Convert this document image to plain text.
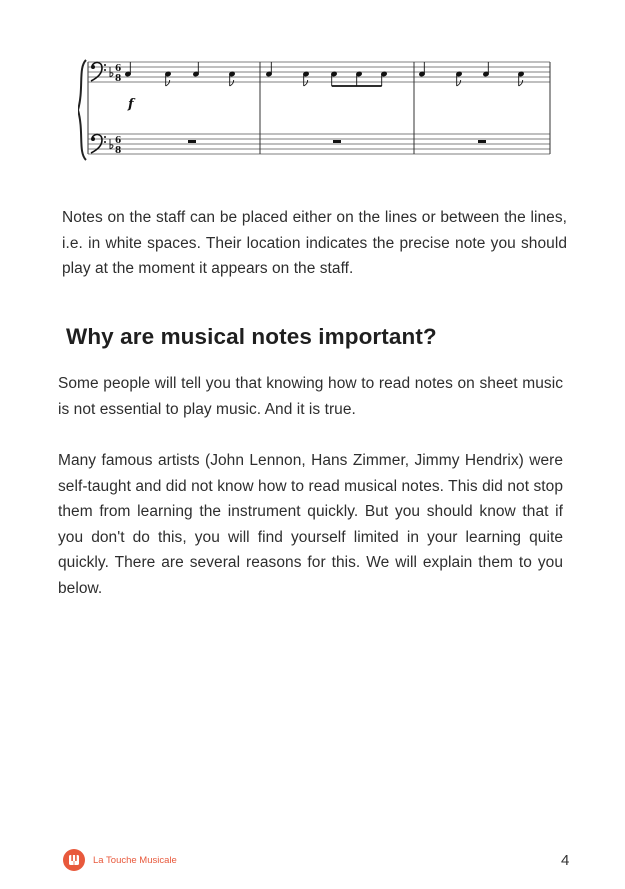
6
8
6
8
f

Notes on the staff can be placed either on the lines or between the lines, i.e. in white spaces. Their location indicates the precise note you should play at the moment it appears on the staff.

Why are musical notes important?

Some people will tell you that knowing how to read notes on sheet music is not essential to play music. And it is true.

Many famous artists (John Lennon, Hans Zimmer, Jimmy Hendrix) were self-taught and did not know how to read musical notes. This did not stop them from learning the instrument quickly. But you should know that if you don't do this, you will find yourself limited in your learning quite quickly. There are several reasons for this. We will explain them to you below.

La Touche Musicale	4
